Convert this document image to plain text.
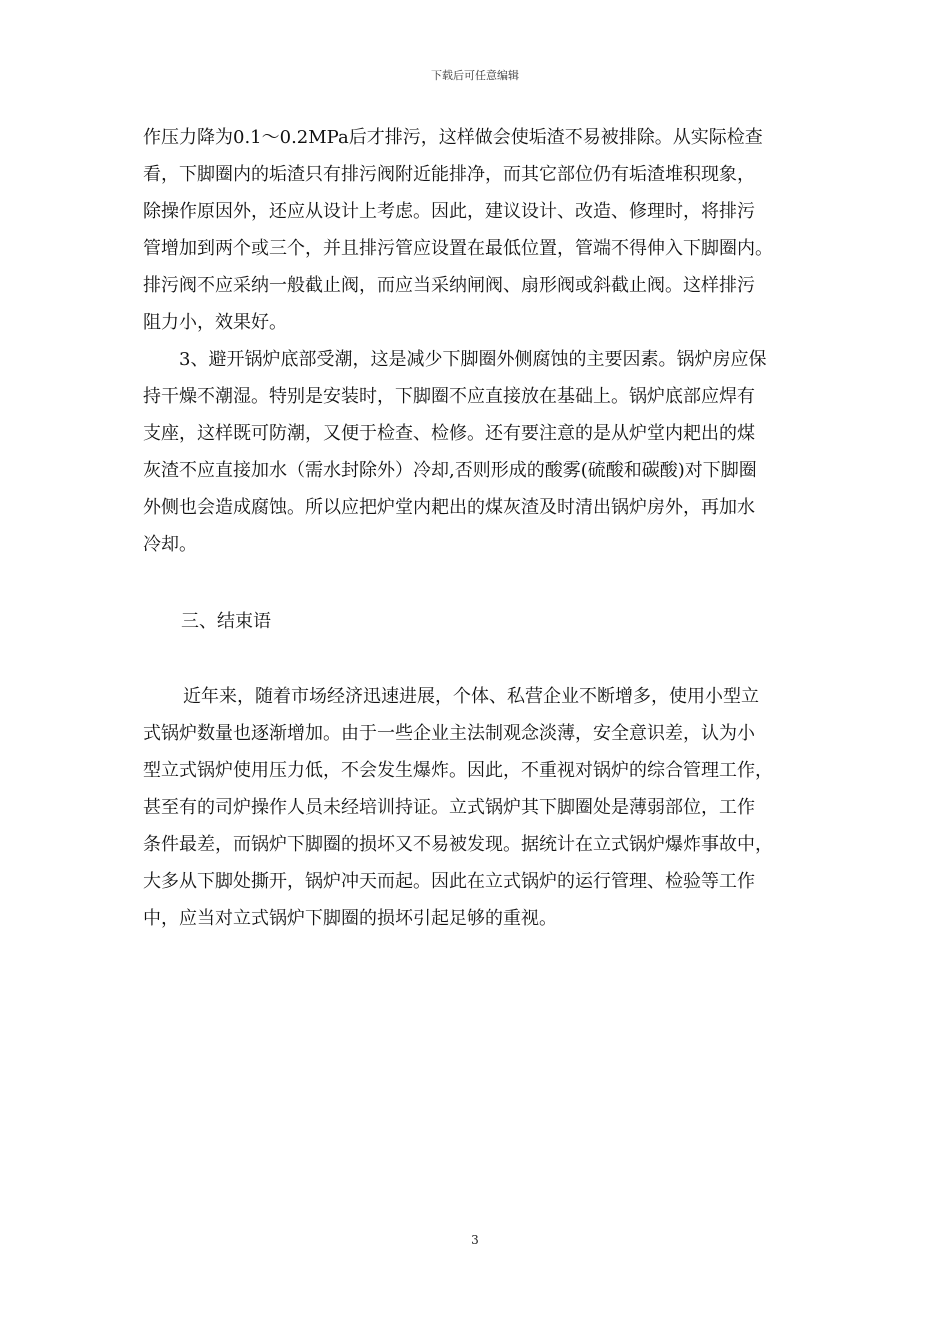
下载后可任意编辑
作压力降为0.1～0.2MPa后才排污，这样做会使垢渣不易被排除。从实际检查
看，下脚圈内的垢渣只有排污阀附近能排净，而其它部位仍有垢渣堆积现象，
除操作原因外，还应从设计上考虑。因此，建议设计、改造、修理时，将排污
管增加到两个或三个，并且排污管应设置在最低位置，管端不得伸入下脚圈内。
排污阀不应采纳一般截止阀，而应当采纳闸阀、扇形阀或斜截止阀。这样排污
阻力小，效果好。
3、避开锅炉底部受潮，这是减少下脚圈外侧腐蚀的主要因素。锅炉房应保
持干燥不潮湿。特别是安装时，下脚圈不应直接放在基础上。锅炉底部应焊有
支座，这样既可防潮，又便于检查、检修。还有要注意的是从炉堂内耙出的煤
灰渣不应直接加水（需水封除外）冷却,否则形成的酸雾(硫酸和碳酸)对下脚圈
外侧也会造成腐蚀。所以应把炉堂内耙出的煤灰渣及时清出锅炉房外，再加水
冷却。
三、结束语
近年来，随着市场经济迅速进展，个体、私营企业不断增多，使用小型立
式锅炉数量也逐渐增加。由于一些企业主法制观念淡薄，安全意识差，认为小
型立式锅炉使用压力低，不会发生爆炸。因此，不重视对锅炉的综合管理工作，
甚至有的司炉操作人员未经培训持证。立式锅炉其下脚圈处是薄弱部位，工作
条件最差，而锅炉下脚圈的损坏又不易被发现。据统计在立式锅炉爆炸事故中，
大多从下脚处撕开，锅炉冲天而起。因此在立式锅炉的运行管理、检验等工作
中，应当对立式锅炉下脚圈的损坏引起足够的重视。
3
